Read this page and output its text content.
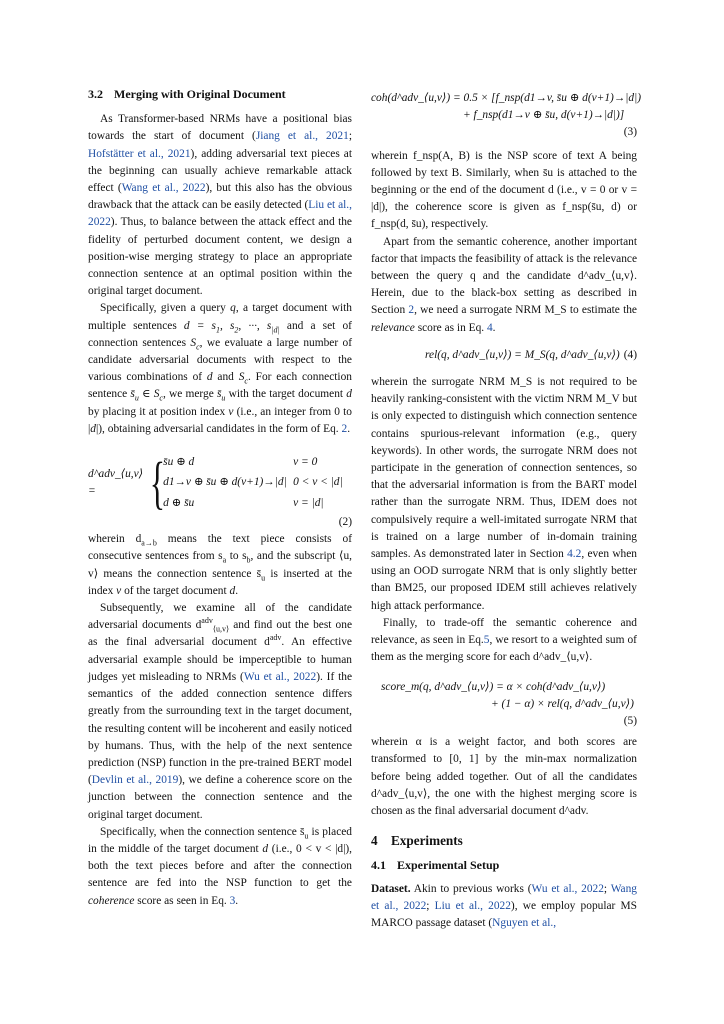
3.2 Merging with Original Document

As Transformer-based NRMs have a positional bias towards the start of document (Jiang et al., 2021; Hofstätter et al., 2021), adding adversarial text pieces at the beginning can usually achieve remarkable attack effect (Wang et al., 2022), but this also has the obvious drawback that the attack can be easily detected (Liu et al., 2022). Thus, to balance between the attack effect and the fidelity of perturbed document content, we design a position-wise merging strategy to place an appropriate connection sentence at an optimal position within the original target document.

Specifically, given a query q, a target document with multiple sentences $d = s_1$, $s_2$, ···, $s_{|d|}$ and a set of connection sentences $S_c$, we evaluate a large number of candidate adversarial documents with respect to the various combinations of d and $S_c$. For each connection sentence $s̄_u$ ∈ $S_c$, we merge $s̄_u$ with the target document d by placing it at position index v (i.e., an integer from 0 to |d|), obtaining adversarial candidates in the form of Eq. 2.

d^adv_⟨u,v⟩ = {
s̄u ⊕ d	v = 0
d1→v ⊕ s̄u ⊕ d(v+1)→|d| 0 < v < |d|
d ⊕ s̄u	v = |d|
(2)

wherein $d_{a\to b}$ means the text piece consists of consecutive sentences from $s_a$ to $s_b$, and the subscript ⟨u, v⟩ means the connection sentence $s̄_u$ is inserted at the index v of the target document d.

Subsequently, we examine all of the candidate adversarial documents $d^{adv}_{⟨u,v⟩}$ and find out the best one as the final adversarial document $d^{adv}$. An effective adversarial example should be imperceptible to human judges yet misleading to NRMs (Wu et al., 2022). If the semantics of the added connection sentence differs greatly from the surrounding text in the target document, the resulting content will be incoherent and easily noticed by humans. Thus, with the help of the next sentence prediction (NSP) function in the pre-trained BERT model (Devlin et al., 2019), we define a coherence score on the junction between the connection sentence and the original target document.

Specifically, when the connection sentence $s̄_u$ is placed in the middle of the target document d (i.e., 0 < v < |d|), both the text pieces before and after the connection sentence are fed into the NSP function to get the coherence score as seen in Eq. 3.

coh(d^adv_⟨u,v⟩) = 0.5 × [f_nsp(d1→v, s̄u ⊕ d(v+1)→|d|)
+ f_nsp(d1→v ⊕ s̄u, d(v+1)→|d|)]
(3)

wherein f_nsp(A, B) is the NSP score of text A being followed by text B. Similarly, when s̄u is attached to the beginning or the end of the document d (i.e., v = 0 or v = |d|), the coherence score is given as f_nsp(s̄u, d) or f_nsp(d, s̄u), respectively.

Apart from the semantic coherence, another important factor that impacts the feasibility of attack is the relevance between the query q and the candidate d^adv_⟨u,v⟩. Herein, due to the black-box setting as described in Section 2, we need a surrogate NRM M_S to estimate the relevance score as in Eq. 4.

rel(q, d^adv_⟨u,v⟩) = M_S(q, d^adv_⟨u,v⟩) (4)

wherein the surrogate NRM M_S is not required to be heavily ranking-consistent with the victim NRM M_V but is only expected to distinguish which connection sentence contains spurious-relevant information (e.g., query keywords). In other words, the surrogate NRM does not participate in the generation of connection sentences, so that the adversarial information is from the BART model rather than the surrogate NRM. Thus, IDEM does not compulsively require a well-imitated surrogate NRM that is trained on a large number of in-domain training samples. As demonstrated later in Section 4.2, even when using an OOD surrogate NRM that is only slightly better than BM25, our proposed IDEM still achieves relatively high attack performance.

Finally, to trade-off the semantic coherence and relevance, as seen in Eq.5, we resort to a weighted sum of them as the merging score for each d^adv_⟨u,v⟩.

score_m(q, d^adv_⟨u,v⟩) = α × coh(d^adv_⟨u,v⟩)
+ (1 − α) × rel(q, d^adv_⟨u,v⟩)
(5)

wherein α is a weight factor, and both scores are transformed to [0, 1] by the min-max normalization before being added together. Out of all the candidates d^adv_⟨u,v⟩, the one with the highest merging score is chosen as the final adversarial document d^adv.

4 Experiments
4.1 Experimental Setup

Dataset. Akin to previous works (Wu et al., 2022; Wang et al., 2022; Liu et al., 2022), we employ popular MS MARCO passage dataset (Nguyen et al.,
